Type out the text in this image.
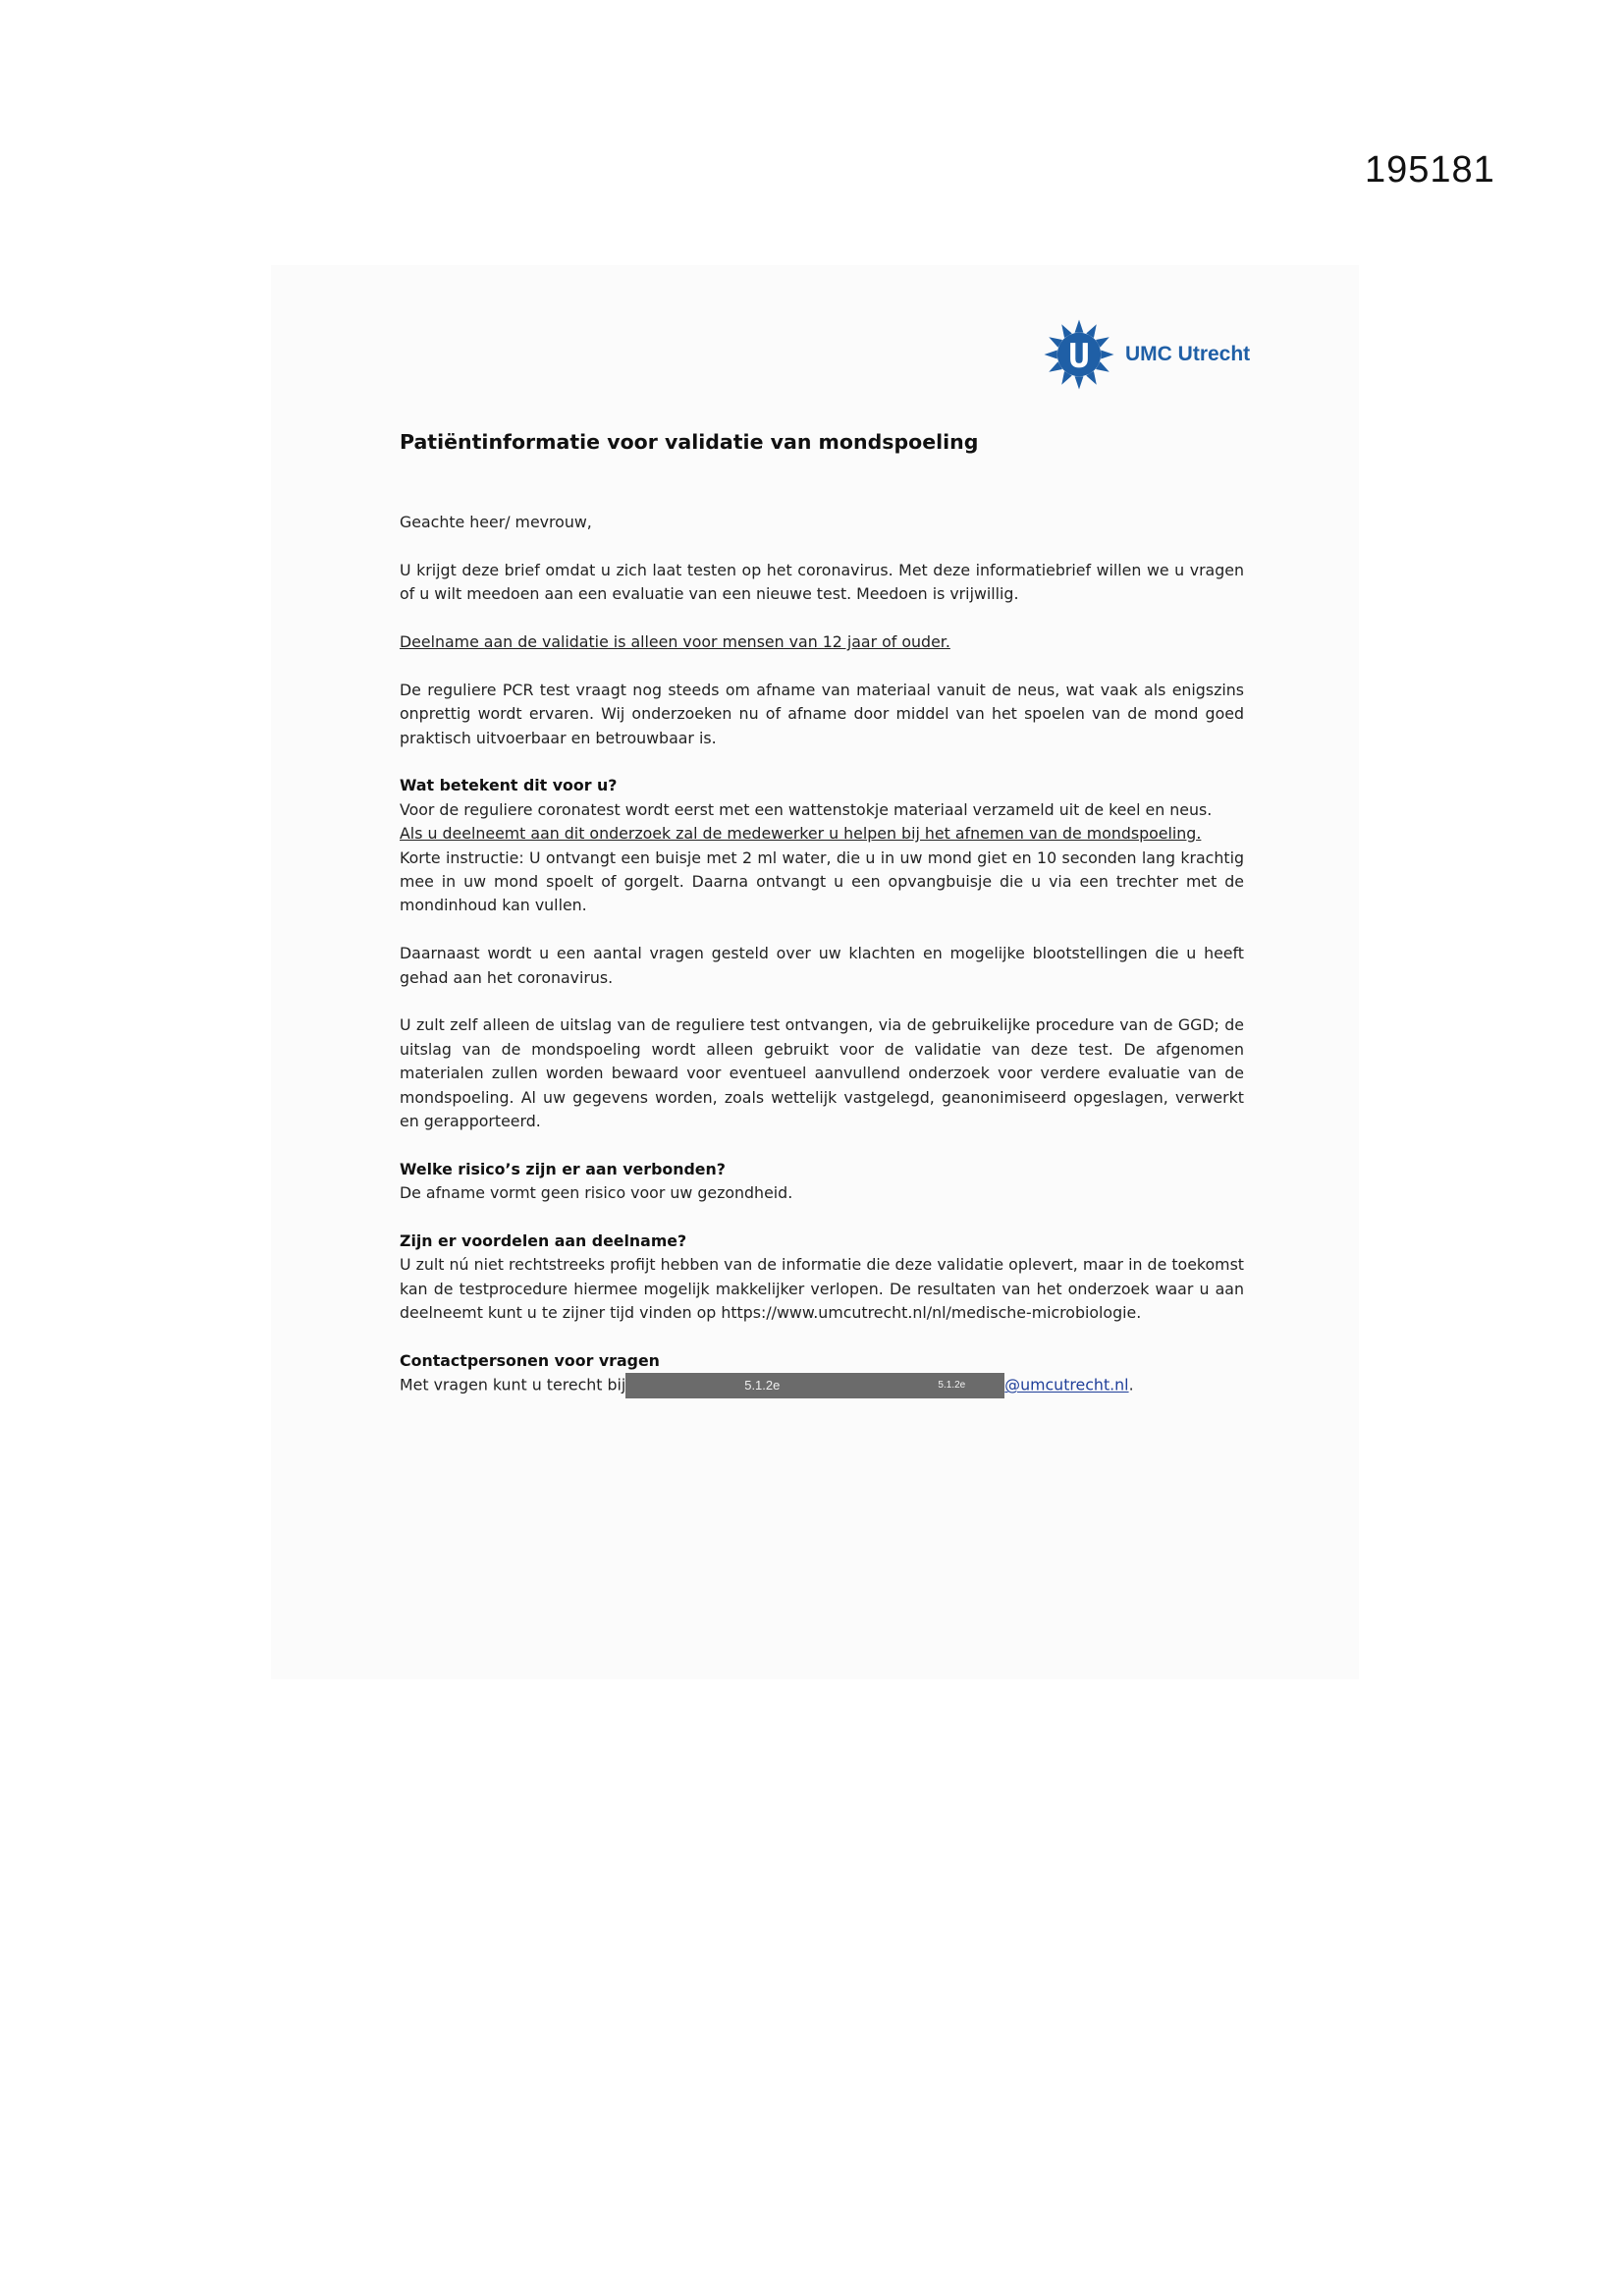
195181
UMC Utrecht
Patiëntinformatie voor validatie van mondspoeling

Geachte heer/ mevrouw,

U krijgt deze brief omdat u zich laat testen op het coronavirus. Met deze informatiebrief willen we u vragen of u wilt meedoen aan een evaluatie van een nieuwe test. Meedoen is vrijwillig.

Deelname aan de validatie is alleen voor mensen van 12 jaar of ouder.

De reguliere PCR test vraagt nog steeds om afname van materiaal vanuit de neus, wat vaak als enigszins onprettig wordt ervaren. Wij onderzoeken nu of afname door middel van het spoelen van de mond goed praktisch uitvoerbaar en betrouwbaar is.

Wat betekent dit voor u?
Voor de reguliere coronatest wordt eerst met een wattenstokje materiaal verzameld uit de keel en neus.
Als u deelneemt aan dit onderzoek zal de medewerker u helpen bij het afnemen van de mondspoeling.
Korte instructie: U ontvangt een buisje met 2 ml water, die u in uw mond giet en 10 seconden lang krachtig mee in uw mond spoelt of gorgelt. Daarna ontvangt u een opvangbuisje die u via een trechter met de mondinhoud kan vullen.

Daarnaast wordt u een aantal vragen gesteld over uw klachten en mogelijke blootstellingen die u heeft gehad aan het coronavirus.

U zult zelf alleen de uitslag van de reguliere test ontvangen, via de gebruikelijke procedure van de GGD; de uitslag van de mondspoeling wordt alleen gebruikt voor de validatie van deze test. De afgenomen materialen zullen worden bewaard voor eventueel aanvullend onderzoek voor verdere evaluatie van de mondspoeling. Al uw gegevens worden, zoals wettelijk vastgelegd, geanonimiseerd opgeslagen, verwerkt en gerapporteerd.

Welke risico’s zijn er aan verbonden?
De afname vormt geen risico voor uw gezondheid.

Zijn er voordelen aan deelname?
U zult nú niet rechtstreeks profijt hebben van de informatie die deze validatie oplevert, maar in de toekomst kan de testprocedure hiermee mogelijk makkelijker verlopen. De resultaten van het onderzoek waar u aan deelneemt kunt u te zijner tijd vinden op https://www.umcutrecht.nl/nl/medische-microbiologie.

Contactpersonen voor vragen
Met vragen kunt u terecht bij	5.1.2e	5.1.2e	@umcutrecht.nl.
